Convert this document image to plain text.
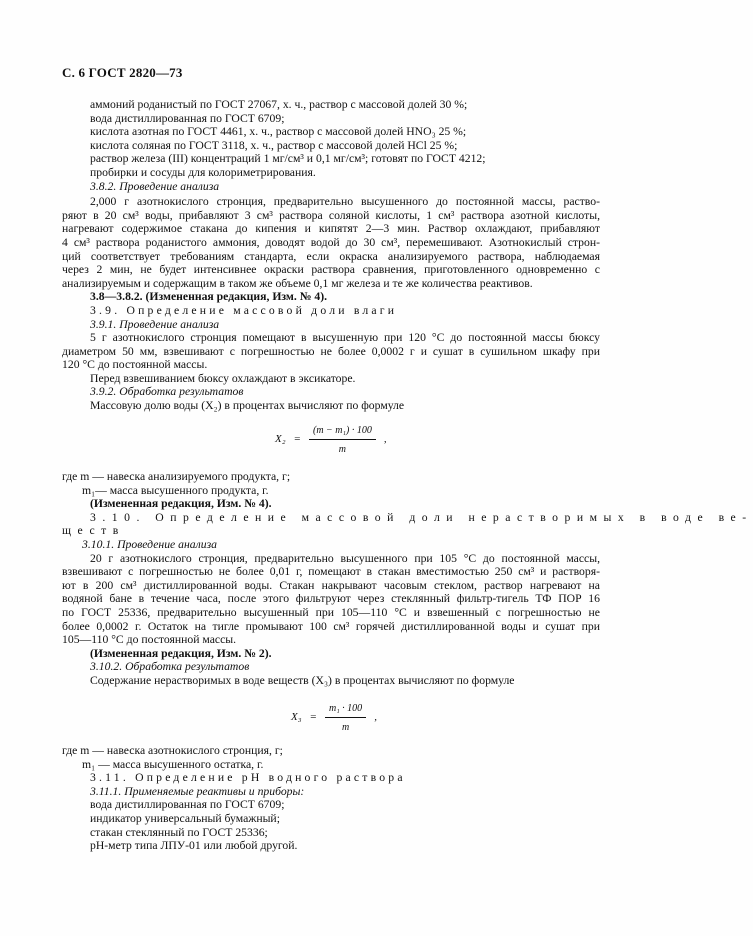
С. 6 ГОСТ 2820—73
аммоний роданистый по ГОСТ 27067, х. ч., раствор с массовой долей 30 %;
вода дистиллированная по ГОСТ 6709;
кислота азотная по ГОСТ 4461, х. ч., раствор с массовой долей HNO₃ 25 %;
кислота соляная по ГОСТ 3118, х. ч., раствор с массовой долей HCl 25 %;
раствор железа (III) концентраций 1 мг/см³ и 0,1 мг/см³; готовят по ГОСТ 4212;
пробирки и сосуды для колориметрирования.
3.8.2. Проведение анализа
2,000 г азотнокислого стронция, предварительно высушенного до постоянной массы, раство-
ряют в 20 см³ воды, прибавляют 3 см³ раствора соляной кислоты, 1 см³ раствора азотной кислоты,
нагревают содержимое стакана до кипения и кипятят 2—3 мин. Раствор охлаждают, прибавляют
4 см³ раствора роданистого аммония, доводят водой до 30 см³, перемешивают. Азотнокислый строн-
ций соответствует требованиям стандарта, если окраска анализируемого раствора, наблюдаемая
через 2 мин, не будет интенсивнее окраски раствора сравнения, приготовленного одновременно с
анализируемым и содержащим в таком же объеме 0,1 мг железа и те же количества реактивов.
3.8—3.8.2. (Измененная редакция, Изм. № 4).
3.9. Определение массовой доли влаги
3.9.1. Проведение анализа
5 г азотнокислого стронция помещают в высушенную при 120 °С до постоянной массы бюксу
диаметром 50 мм, взвешивают с погрешностью не более 0,0002 г и сушат в сушильном шкафу при
120 °С до постоянной массы.
Перед взвешиванием бюксу охлаждают в эксикаторе.
3.9.2. Обработка результатов
Массовую долю воды (X₂) в процентах вычисляют по формуле
$X_2 = \frac{\text{(m − m₁) · 100}}{m}$ ,
где m — навеска анализируемого продукта, г;
m₁— масса высушенного продукта, г.
(Измененная редакция, Изм. № 4).
3.10. Определение массовой доли нерастворимых в воде ве-
ществ
3.10.1. Проведение анализа
20 г азотнокислого стронция, предварительно высушенного при 105 °С до постоянной массы,
взвешивают с погрешностью не более 0,01 г, помещают в стакан вместимостью 250 см³ и растворя-
ют в 200 см³ дистиллированной воды. Стакан накрывают часовым стеклом, раствор нагревают на
водяной бане в течение часа, после этого фильтруют через стеклянный фильтр-тигель ТФ ПОР 16
по ГОСТ 25336, предварительно высушенный при 105—110 °С и взвешенный с погрешностью не
более 0,0002 г. Остаток на тигле промывают 100 см³ горячей дистиллированной воды и сушат при
105—110 °С до постоянной массы.
(Измененная редакция, Изм. № 2).
3.10.2. Обработка результатов
Содержание нерастворимых в воде веществ (X₃) в процентах вычисляют по формуле
$X_3 = \frac{\text{m₁ · 100}}{m}$ ,
где m — навеска азотнокислого стронция, г;
m₁ — масса высушенного остатка, г.
3.11. Определение pH водного раствора
3.11.1. Применяемые реактивы и приборы:
вода дистиллированная по ГОСТ 6709;
индикатор универсальный бумажный;
стакан стеклянный по ГОСТ 25336;
pH-метр типа ЛПУ-01 или любой другой.
